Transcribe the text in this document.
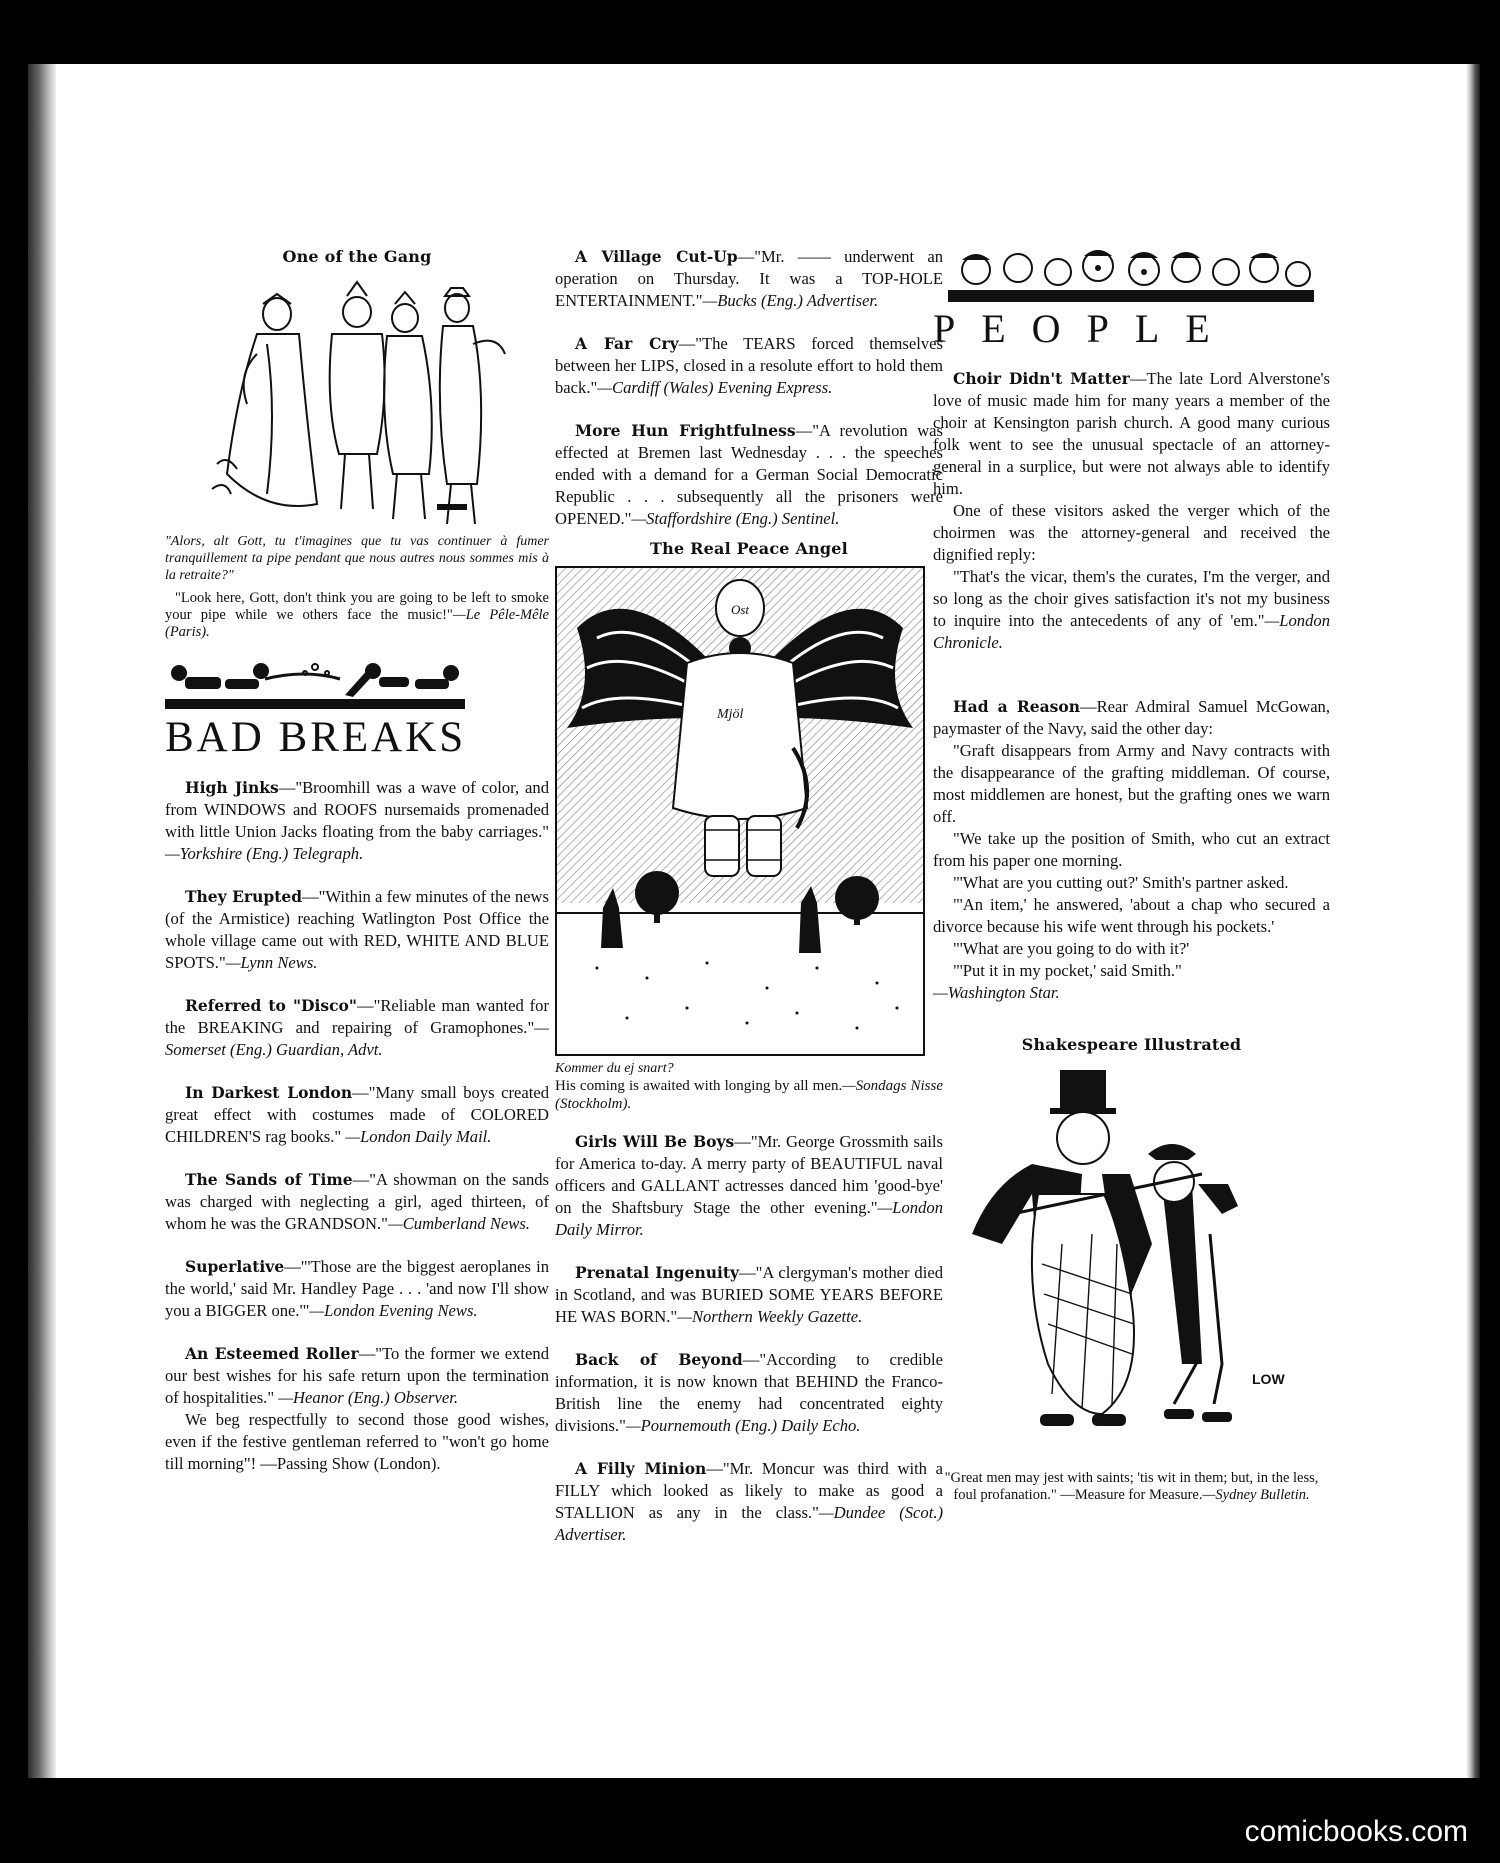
One of the Gang

"Alors, alt Gott, tu t'imagines que tu vas continuer à fumer tranquillement ta pipe pendant que nous autres nous sommes mis à la retraite?"

"Look here, Gott, don't think you are going to be left to smoke your pipe while we others face the music!"—Le Pêle-Mêle (Paris).

BAD BREAKS

High Jinks—"Broomhill was a wave of color, and from WINDOWS and ROOFS nursemaids promenaded with little Union Jacks floating from the baby carriages." —Yorkshire (Eng.) Telegraph.

They Erupted—"Within a few minutes of the news (of the Armistice) reaching Watlington Post Office the whole village came out with RED, WHITE AND BLUE SPOTS."—Lynn News.

Referred to "Disco"—"Reliable man wanted for the BREAKING and repairing of Gramophones."—Somerset (Eng.) Guardian, Advt.

In Darkest London—"Many small boys created great effect with costumes made of COLORED CHILDREN'S rag books." —London Daily Mail.

The Sands of Time—"A showman on the sands was charged with neglecting a girl, aged thirteen, of whom he was the GRANDSON."—Cumberland News.

Superlative—"'Those are the biggest aeroplanes in the world,' said Mr. Handley Page . . . 'and now I'll show you a BIGGER one.'"—London Evening News.

An Esteemed Roller—"To the former we extend our best wishes for his safe return upon the termination of hospitalities." —Heanor (Eng.) Observer.

We beg respectfully to second those good wishes, even if the festive gentleman referred to "won't go home till morning"! —Passing Show (London).

A Village Cut-Up—"Mr. —— underwent an operation on Thursday. It was a TOP-HOLE ENTERTAINMENT."—Bucks (Eng.) Advertiser.

A Far Cry—"The TEARS forced themselves between her LIPS, closed in a resolute effort to hold them back."—Cardiff (Wales) Evening Express.

More Hun Frightfulness—"A revolution was effected at Bremen last Wednesday . . . the speeches ended with a demand for a German Social Democratic Republic . . . subsequently all the prisoners were OPENED."—Staffordshire (Eng.) Sentinel.

The Real Peace Angel
Ost
Mjöl

Kommer du ej snart?

His coming is awaited with longing by all men.—Sondags Nisse (Stockholm).

Girls Will Be Boys—"Mr. George Grossmith sails for America to-day. A merry party of BEAUTIFUL naval officers and GALLANT actresses danced him 'good-bye' on the Shaftsbury Stage the other evening."—London Daily Mirror.

Prenatal Ingenuity—"A clergyman's mother died in Scotland, and was BURIED SOME YEARS BEFORE HE WAS BORN."—Northern Weekly Gazette.

Back of Beyond—"According to credible information, it is now known that BEHIND the Franco-British line the enemy had concentrated eighty divisions."—Pournemouth (Eng.) Daily Echo.

A Filly Minion—"Mr. Moncur was third with a FILLY which looked as likely to make as good a STALLION as any in the class."—Dundee (Scot.) Advertiser.

PEOPLE

Choir Didn't Matter—The late Lord Alverstone's love of music made him for many years a member of the choir at Kensington parish church. A good many curious folk went to see the unusual spectacle of an attorney-general in a surplice, but were not always able to identify him.

One of these visitors asked the verger which of the choirmen was the attorney-general and received the dignified reply:

"That's the vicar, them's the curates, I'm the verger, and so long as the choir gives satisfaction it's not my business to inquire into the antecedents of any of 'em."—London Chronicle.

Had a Reason—Rear Admiral Samuel McGowan, paymaster of the Navy, said the other day:

"Graft disappears from Army and Navy contracts with the disappearance of the grafting middleman. Of course, most middlemen are honest, but the grafting ones we warn off.

"We take up the position of Smith, who cut an extract from his paper one morning.

"'What are you cutting out?' Smith's partner asked.

"'An item,' he answered, 'about a chap who secured a divorce because his wife went through his pockets.'

"'What are you going to do with it?'

"'Put it in my pocket,' said Smith."

—Washington Star.

Shakespeare Illustrated
LOW

"Great men may jest with saints; 'tis wit in them; but, in the less, foul profanation." —Measure for Measure.—Sydney Bulletin.

comicbooks.com
